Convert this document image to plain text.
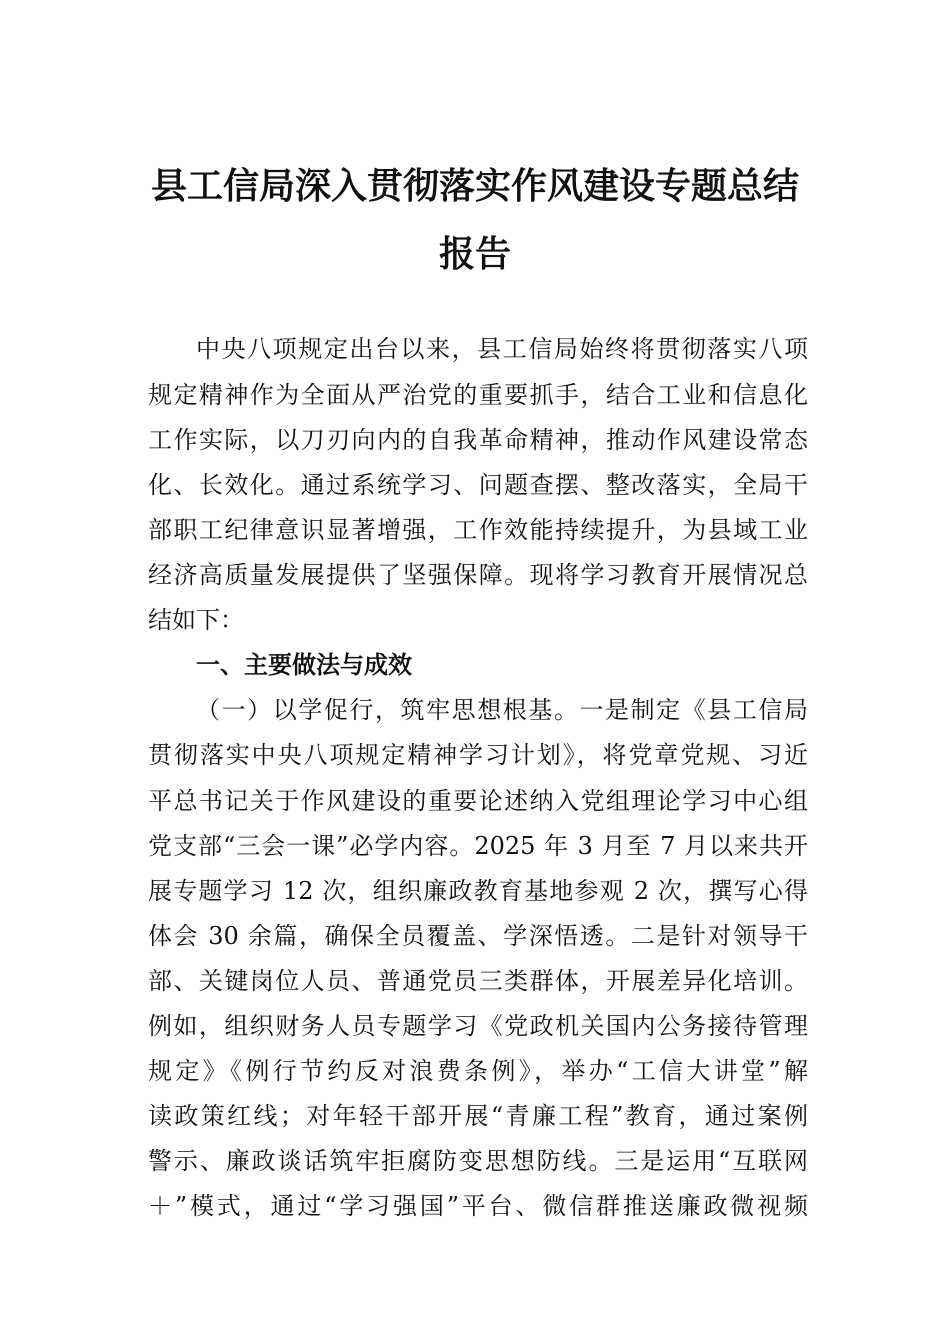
县工信局深入贯彻落实作风建设专题总结
报告
中央八项规定出台以来，县工信局始终将贯彻落实八项
规定精神作为全面从严治党的重要抓手，结合工业和信息化
工作实际，以刀刃向内的自我革命精神，推动作风建设常态
化、长效化。通过系统学习、问题查摆、整改落实，全局干
部职工纪律意识显著增强，工作效能持续提升，为县域工业
经济高质量发展提供了坚强保障。现将学习教育开展情况总
结如下：
一、主要做法与成效
（一）以学促行，筑牢思想根基。一是制定《县工信局
贯彻落实中央八项规定精神学习计划》，将党章党规、习近
平总书记关于作风建设的重要论述纳入党组理论学习中心组
党支部“三会一课”必学内容。2025 年 3 月至 7 月以来共开
展专题学习 12 次，组织廉政教育基地参观 2 次，撰写心得
体会 30 余篇，确保全员覆盖、学深悟透。二是针对领导干
部、关键岗位人员、普通党员三类群体，开展差异化培训。
例如，组织财务人员专题学习《党政机关国内公务接待管理
规定》《例行节约反对浪费条例》，举办“工信大讲堂”解
读政策红线；对年轻干部开展“青廉工程”教育，通过案例
警示、廉政谈话筑牢拒腐防变思想防线。三是运用“互联网
＋”模式，通过“学习强国”平台、微信群推送廉政微视频
